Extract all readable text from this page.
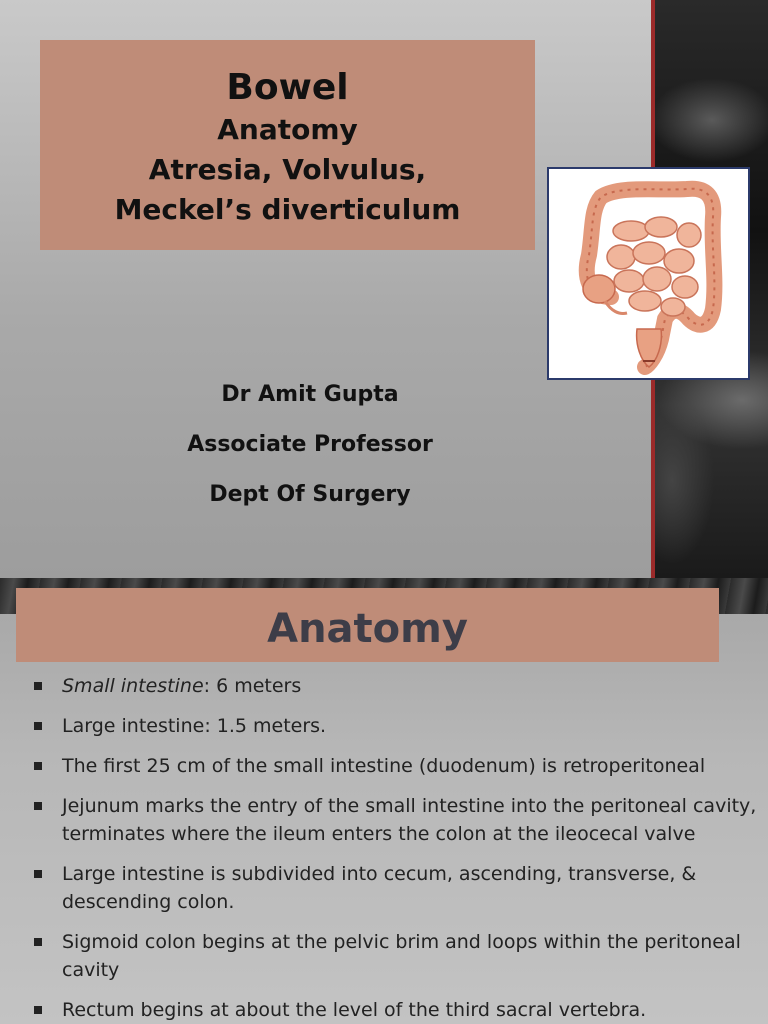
Bowel
Anatomy
Atresia, Volvulus,
Meckel’s diverticulum
Dr Amit Gupta
Associate Professor
Dept Of Surgery
Anatomy
Small intestine: 6 meters
Large intestine: 1.5 meters.
The first 25 cm of the small intestine (duodenum) is retroperitoneal
Jejunum marks the entry of the small intestine into the peritoneal cavity, terminates where the ileum enters the colon at the ileocecal valve
Large intestine is subdivided into cecum, ascending, transverse, & descending colon.
Sigmoid colon begins at the pelvic brim and loops within the peritoneal cavity
Rectum begins at about the level of the third sacral vertebra.
